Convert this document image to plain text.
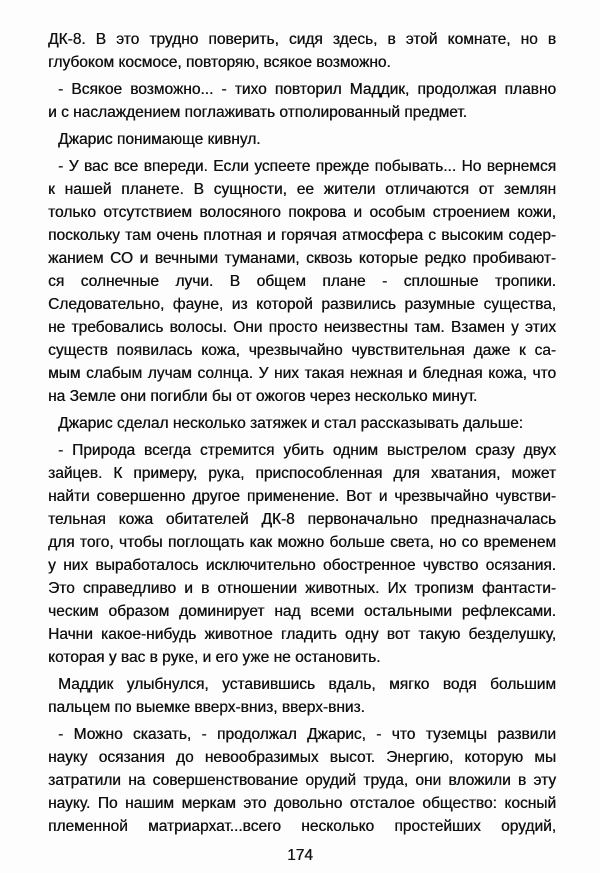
ДК-8. В это трудно поверить, сидя здесь, в этой комнате, но в
глубоком космосе, повторяю, всякое возможно.
- Всякое возможно... - тихо повторил Маддик, продолжая плавно
и с наслаждением поглаживать отполированный предмет.
Джарис понимающе кивнул.
- У вас все впереди. Если успеете прежде побывать... Но вернемся
к нашей планете. В сущности, ее жители отличаются от землян
только отсутствием волосяного покрова и особым строением кожи,
поскольку там очень плотная и горячая атмосфера с высоким содер-
жанием СО и вечными туманами, сквозь которые редко пробивают-
ся солнечные лучи. В общем плане - сплошные тропики.
Следовательно, фауне, из которой развились разумные существа,
не требовались волосы. Они просто неизвестны там. Взамен у этих
существ появилась кожа, чрезвычайно чувствительная даже к са-
мым слабым лучам солнца. У них такая нежная и бледная кожа, что
на Земле они погибли бы от ожогов через несколько минут.
Джарис сделал несколько затяжек и стал рассказывать дальше:
- Природа всегда стремится убить одним выстрелом сразу двух
зайцев. К примеру, рука, приспособленная для хватания, может
найти совершенно другое применение. Вот и чрезвычайно чувстви-
тельная кожа обитателей ДК-8 первоначально предназначалась
для того, чтобы поглощать как можно больше света, но со временем
у них выработалось исключительно обостренное чувство осязания.
Это справедливо и в отношении животных. Их тропизм фантасти-
ческим образом доминирует над всеми остальными рефлексами.
Начни какое-нибудь животное гладить одну вот такую безделушку,
которая у вас в руке, и его уже не остановить.
Маддик улыбнулся, уставившись вдаль, мягко водя большим
пальцем по выемке вверх-вниз, вверх-вниз.
- Можно сказать, - продолжал Джарис, - что туземцы развили
науку осязания до невообразимых высот. Энергию, которую мы
затратили на совершенствование орудий труда, они вложили в эту
науку. По нашим меркам это довольно отсталое общество: косный
племенной матриархат...всего несколько простейших орудий,
174
